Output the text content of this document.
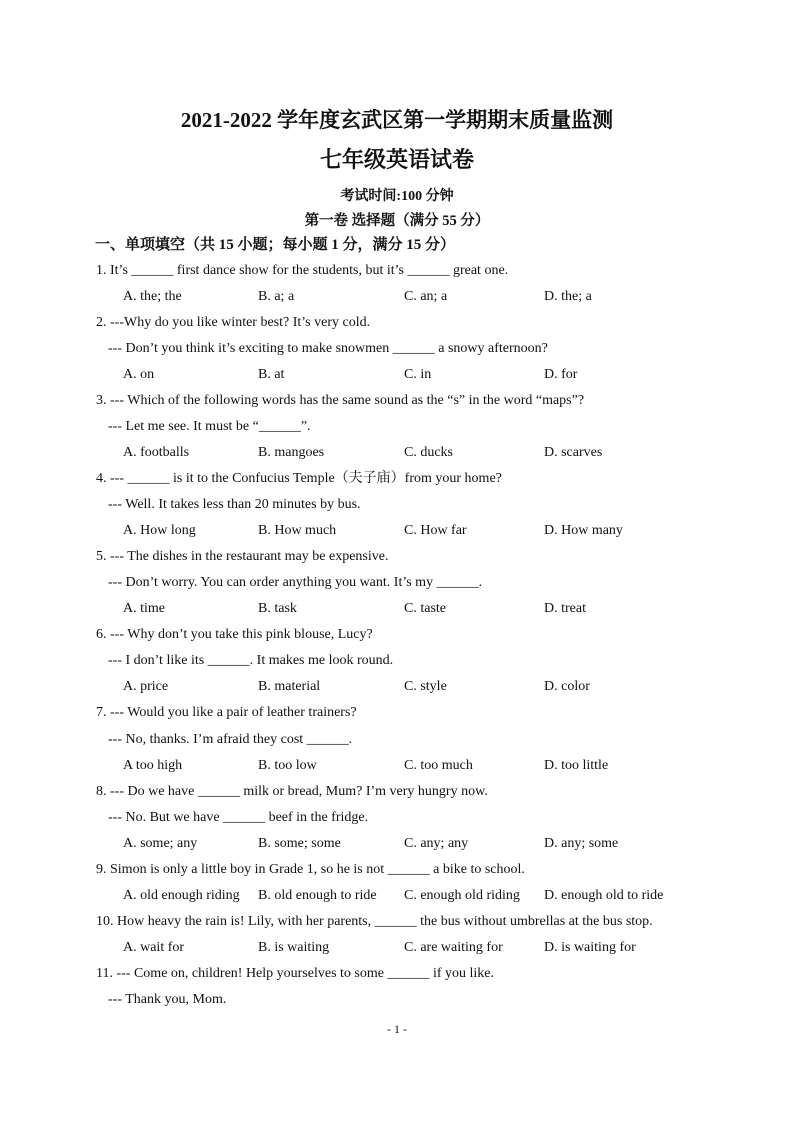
2021-2022 学年度玄武区第一学期期末质量监测
七年级英语试卷
考试时间:100 分钟
第一卷 选择题（满分 55 分）
一、单项填空（共 15 小题；每小题 1 分，满分 15 分）
1. It’s ______ first dance show for the students, but it’s ______ great one.
A. the; the	B. a; a	C. an; a	D. the; a
2. ---Why do you like winter best? It’s very cold.
--- Don’t you think it’s exciting to make snowmen ______ a snowy afternoon?
A. on	B. at	C. in	D. for
3. --- Which of the following words has the same sound as the “s” in the word “maps”?
--- Let me see. It must be “______”.
A. footballs	B. mangoes	C. ducks	D. scarves
4. --- ______ is it to the Confucius Temple（夫子庙）from your home?
--- Well. It takes less than 20 minutes by bus.
A. How long	B. How much	C. How far	D. How many
5. --- The dishes in the restaurant may be expensive.
--- Don’t worry. You can order anything you want. It’s my ______.
A. time	B. task	C. taste	D. treat
6. --- Why don’t you take this pink blouse, Lucy?
--- I don’t like its ______. It makes me look round.
A. price	B. material	C. style	D. color
7. --- Would you like a pair of leather trainers?
--- No, thanks. I’m afraid they cost ______.
A too high	B. too low	C. too much	D. too little
8. --- Do we have ______ milk or bread, Mum? I’m very hungry now.
--- No. But we have ______ beef in the fridge.
A. some; any	B. some; some	C. any; any	D. any; some
9. Simon is only a little boy in Grade 1, so he is not ______ a bike to school.
A. old enough riding B. old enough to ride C. enough old riding D. enough old to ride
10. How heavy the rain is! Lily, with her parents, ______ the bus without umbrellas at the bus stop.
A. wait for	B. is waiting	C. are waiting for	D. is waiting for
11. --- Come on, children! Help yourselves to some ______ if you like.
--- Thank you, Mom.
- 1 -
